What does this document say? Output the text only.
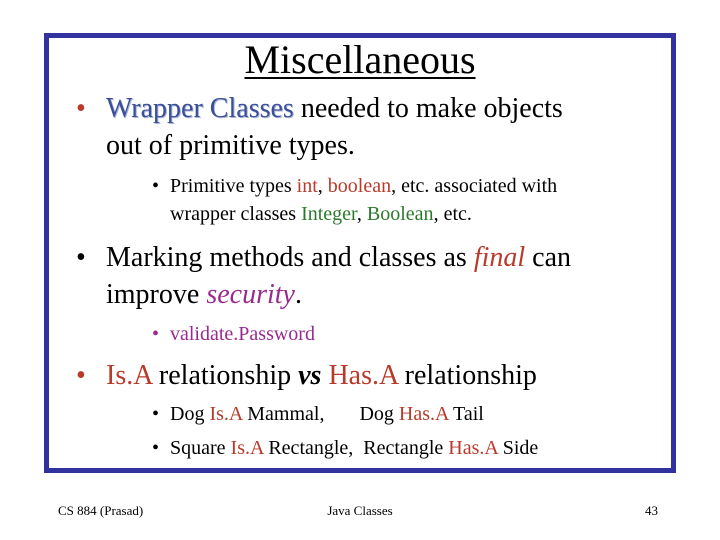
Miscellaneous
• Wrapper Classes needed to make objects

out of primitive types.

• Primitive types int, boolean, etc. associated with

wrapper classes Integer, Boolean, etc.

• Marking methods and classes as final can

improve security.

• validate.Password

• Is.A relationship vs Has.A relationship

• Dog Is.A Mammal,       Dog Has.A Tail

• Square Is.A Rectangle,  Rectangle Has.A Side

CS 884 (Prasad)	Java Classes	43
